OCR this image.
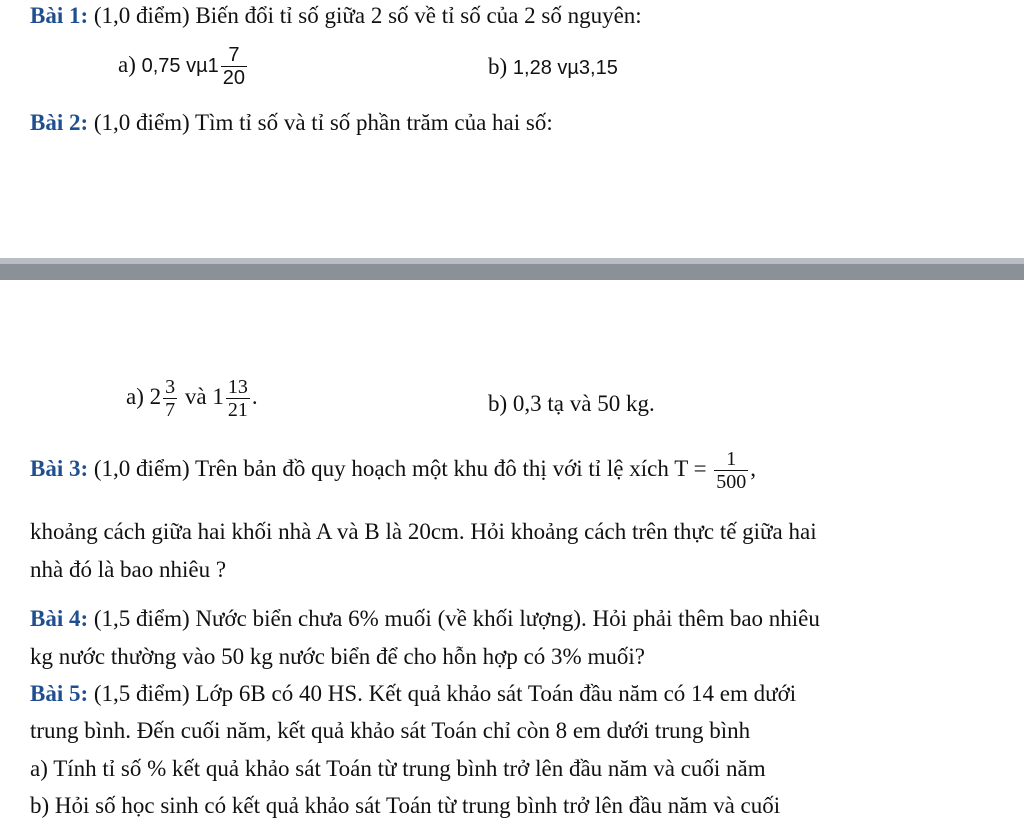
Bài 1: (1,0 điểm) Biến đổi tỉ số giữa 2 số về tỉ số của 2 số nguyên:
a) 0,75 $v\mu 1 \frac{7}{20}$	b) 1,28 vµ3,15
Bài 2: (1,0 điểm) Tìm tỉ số và tỉ số phần trăm của hai số:
a) $2 \frac{3}{7}$ và $1 \frac{13}{21}$ .	b) 0,3 tạ và 50 kg.
Bài 3: (1,0 điểm) Trên bản đồ quy hoạch một khu đô thị với tỉ lệ xích $T = \frac{1}{500}$ ,
khoảng cách giữa hai khối nhà A và B là 20cm. Hỏi khoảng cách trên thực tế giữa hai
nhà đó là bao nhiêu ?
Bài 4: (1,5 điểm) Nước biển chưa 6% muối (về khối lượng). Hỏi phải thêm bao nhiêu
kg nước thường vào 50 kg nước biển để cho hỗn hợp có 3% muối?
Bài 5: (1,5 điểm) Lớp 6B có 40 HS. Kết quả khảo sát Toán đầu năm có 14 em dưới
trung bình. Đến cuối năm, kết quả khảo sát Toán chỉ còn 8 em dưới trung bình
a) Tính tỉ số % kết quả khảo sát Toán từ trung bình trở lên đầu năm và cuối năm
b) Hỏi số học sinh có kết quả khảo sát Toán từ trung bình trở lên đầu năm và cuối
